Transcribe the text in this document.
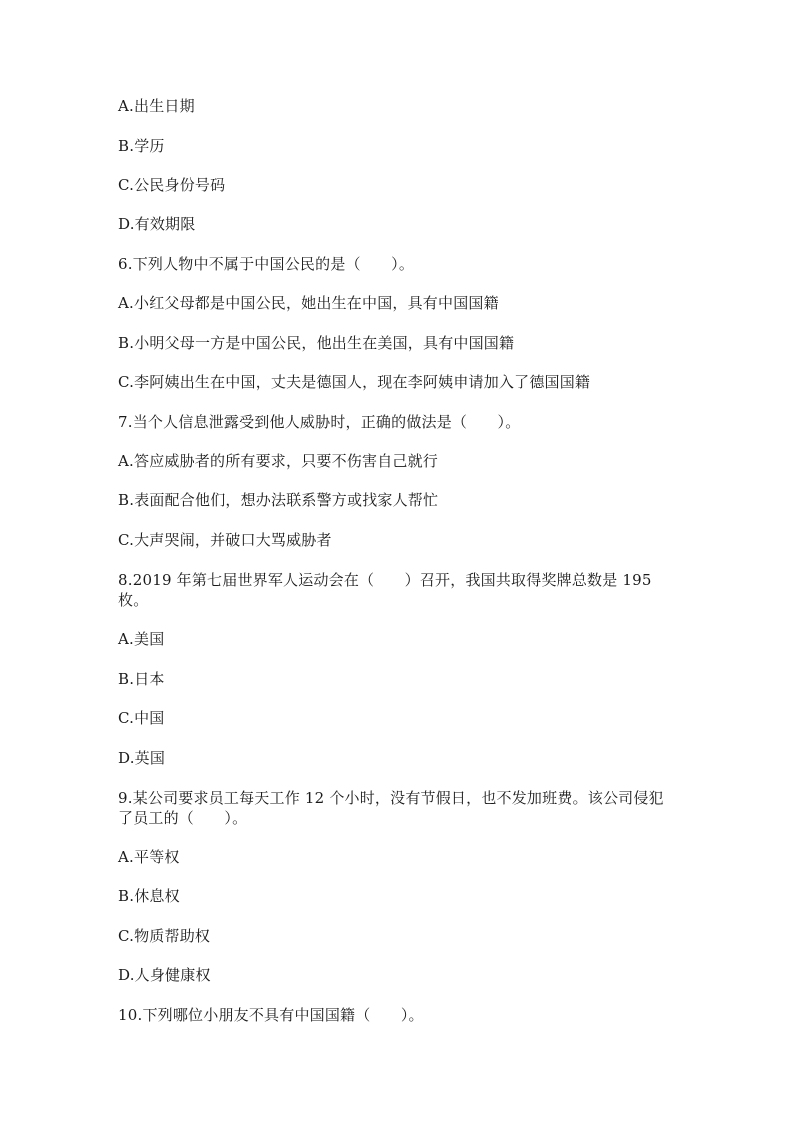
A.出生日期
B.学历
C.公民身份号码
D.有效期限
6.下列人物中不属于中国公民的是（　　）。
A.小红父母都是中国公民，她出生在中国，具有中国国籍
B.小明父母一方是中国公民，他出生在美国，具有中国国籍
C.李阿姨出生在中国，丈夫是德国人，现在李阿姨申请加入了德国国籍
7.当个人信息泄露受到他人威胁时，正确的做法是（　　）。
A.答应威胁者的所有要求，只要不伤害自己就行
B.表面配合他们，想办法联系警方或找家人帮忙
C.大声哭闹，并破口大骂威胁者
8.2019 年第七届世界军人运动会在（　　）召开，我国共取得奖牌总数是 195 枚。
A.美国
B.日本
C.中国
D.英国
9.某公司要求员工每天工作 12 个小时，没有节假日，也不发加班费。该公司侵犯了员工的（　　）。
A.平等权
B.休息权
C.物质帮助权
D.人身健康权
10.下列哪位小朋友不具有中国国籍（　　）。
